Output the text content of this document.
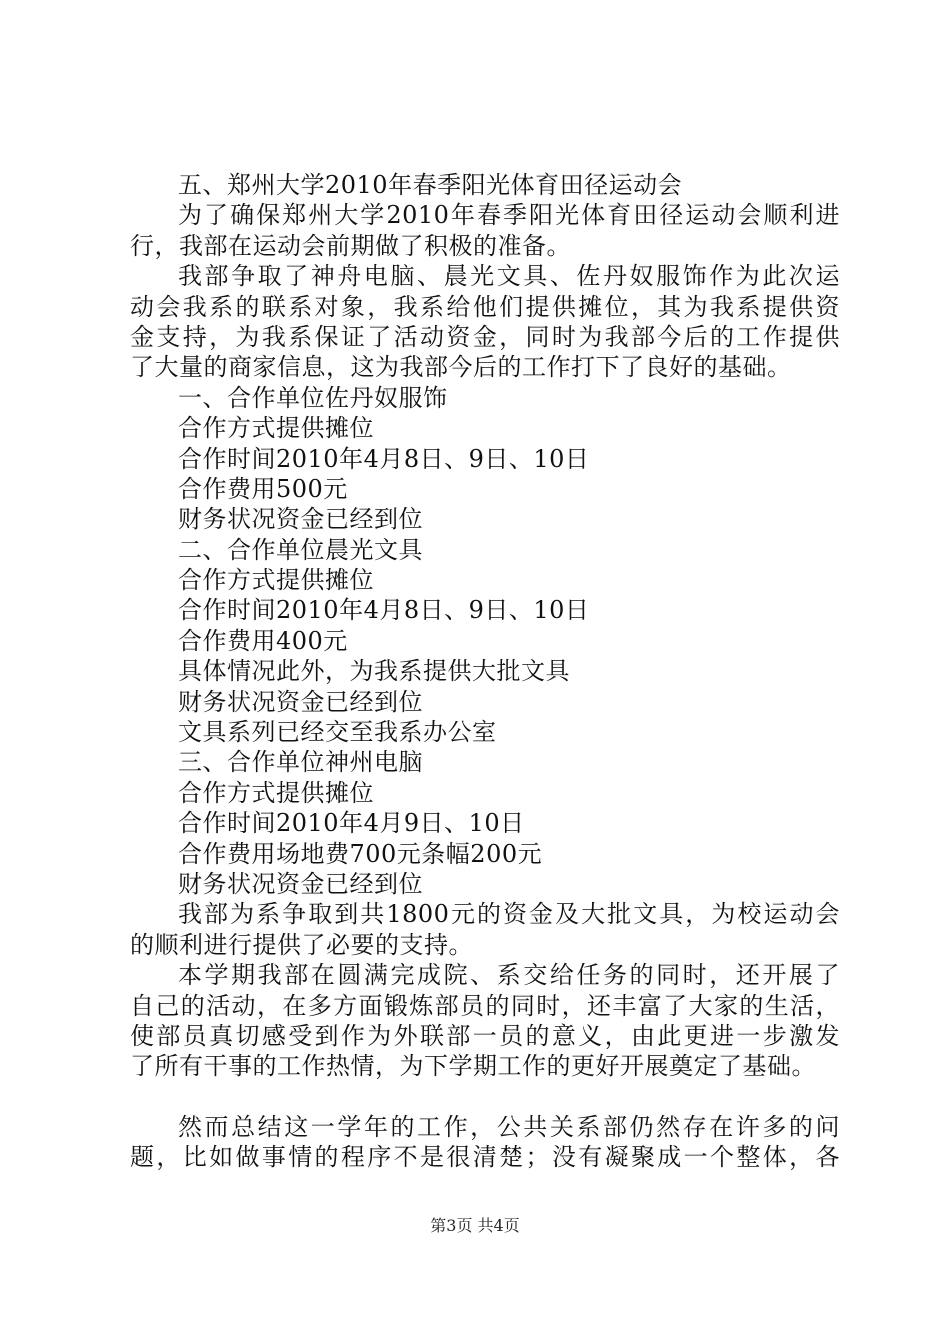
五、郑州大学2010年春季阳光体育田径运动会
为了确保郑州大学2010年春季阳光体育田径运动会顺利进
行，我部在运动会前期做了积极的准备。
我部争取了神舟电脑、晨光文具、佐丹奴服饰作为此次运
动会我系的联系对象，我系给他们提供摊位，其为我系提供资
金支持，为我系保证了活动资金，同时为我部今后的工作提供
了大量的商家信息，这为我部今后的工作打下了良好的基础。
一、合作单位佐丹奴服饰
合作方式提供摊位
合作时间2010年4月8日、9日、10日
合作费用500元
财务状况资金已经到位
二、合作单位晨光文具
合作方式提供摊位
合作时间2010年4月8日、9日、10日
合作费用400元
具体情况此外，为我系提供大批文具
财务状况资金已经到位
文具系列已经交至我系办公室
三、合作单位神州电脑
合作方式提供摊位
合作时间2010年4月9日、10日
合作费用场地费700元条幅200元
财务状况资金已经到位
我部为系争取到共1800元的资金及大批文具，为校运动会
的顺利进行提供了必要的支持。
本学期我部在圆满完成院、系交给任务的同时，还开展了
自己的活动，在多方面锻炼部员的同时，还丰富了大家的生活，
使部员真切感受到作为外联部一员的意义，由此更进一步激发
了所有干事的工作热情，为下学期工作的更好开展奠定了基础。
然而总结这一学年的工作，公共关系部仍然存在许多的问
题，比如做事情的程序不是很清楚；没有凝聚成一个整体，各
第3页 共4页
